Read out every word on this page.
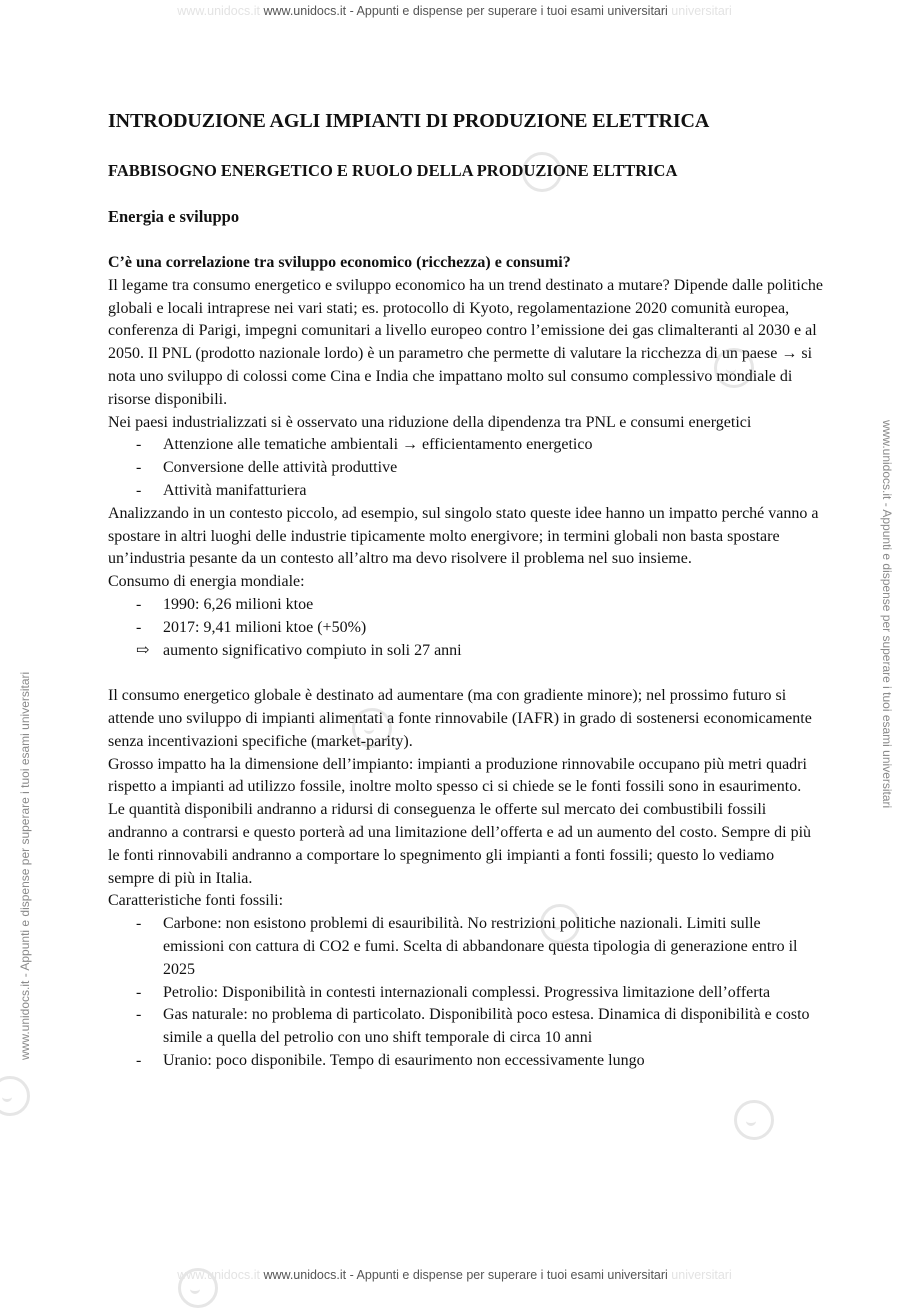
www.unidocs.it www.unidocs.it - Appunti e dispense per superare i tuoi esami universitari universitari
www.unidocs.it www.unidocs.it - Appunti e dispense per superare i tuoi esami universitari universitari
www.unidocs.it - Appunti e dispense per superare i tuoi esami universitari
www.unidocs.it - Appunti e dispense per superare i tuoi esami universitari
INTRODUZIONE AGLI IMPIANTI DI PRODUZIONE ELETTRICA
FABBISOGNO ENERGETICO E RUOLO DELLA PRODUZIONE ELTTRICA
Energia e sviluppo

C’è una correlazione tra sviluppo economico (ricchezza) e consumi?

Il legame tra consumo energetico e sviluppo economico ha un trend destinato a mutare? Dipende dalle politiche globali e locali intraprese nei vari stati; es. protocollo di Kyoto, regolamentazione 2020 comunità europea, conferenza di Parigi, impegni comunitari a livello europeo contro l’emissione dei gas climalteranti al 2030 e al 2050. Il PNL (prodotto nazionale lordo) è un parametro che permette di valutare la ricchezza di un paese → si nota uno sviluppo di colossi come Cina e India che impattano molto sul consumo complessivo mondiale di risorse disponibili.

Nei paesi industrializzati si è osservato una riduzione della dipendenza tra PNL e consumi energetici

- Attenzione alle tematiche ambientali → efficientamento energetico
- Conversione delle attività produttive
- Attività manifatturiera

Analizzando in un contesto piccolo, ad esempio, sul singolo stato queste idee hanno un impatto perché vanno a spostare in altri luoghi delle industrie tipicamente molto energivore; in termini globali non basta spostare un’industria pesante da un contesto all’altro ma devo risolvere il problema nel suo insieme.

Consumo di energia mondiale:

- 1990: 6,26 milioni ktoe
- 2017: 9,41 milioni ktoe (+50%)
⇨ aumento significativo compiuto in soli 27 anni

Il consumo energetico globale è destinato ad aumentare (ma con gradiente minore); nel prossimo futuro si attende uno sviluppo di impianti alimentati a fonte rinnovabile (IAFR) in grado di sostenersi economicamente senza incentivazioni specifiche (market-parity).

Grosso impatto ha la dimensione dell’impianto: impianti a produzione rinnovabile occupano più metri quadri rispetto a impianti ad utilizzo fossile, inoltre molto spesso ci si chiede se le fonti fossili sono in esaurimento.

Le quantità disponibili andranno a ridursi di conseguenza le offerte sul mercato dei combustibili fossili andranno a contrarsi e questo porterà ad una limitazione dell’offerta e ad un aumento del costo. Sempre di più le fonti rinnovabili andranno a comportare lo spegnimento gli impianti a fonti fossili; questo lo vediamo sempre di più in Italia.

Caratteristiche fonti fossili:

- Carbone: non esistono problemi di esauribilità. No restrizioni politiche nazionali. Limiti sulle emissioni con cattura di CO2 e fumi. Scelta di abbandonare questa tipologia di generazione entro il 2025
- Petrolio: Disponibilità in contesti internazionali complessi. Progressiva limitazione dell’offerta
- Gas naturale: no problema di particolato. Disponibilità poco estesa. Dinamica di disponibilità e costo simile a quella del petrolio con uno shift temporale di circa 10 anni
- Uranio: poco disponibile. Tempo di esaurimento non eccessivamente lungo
